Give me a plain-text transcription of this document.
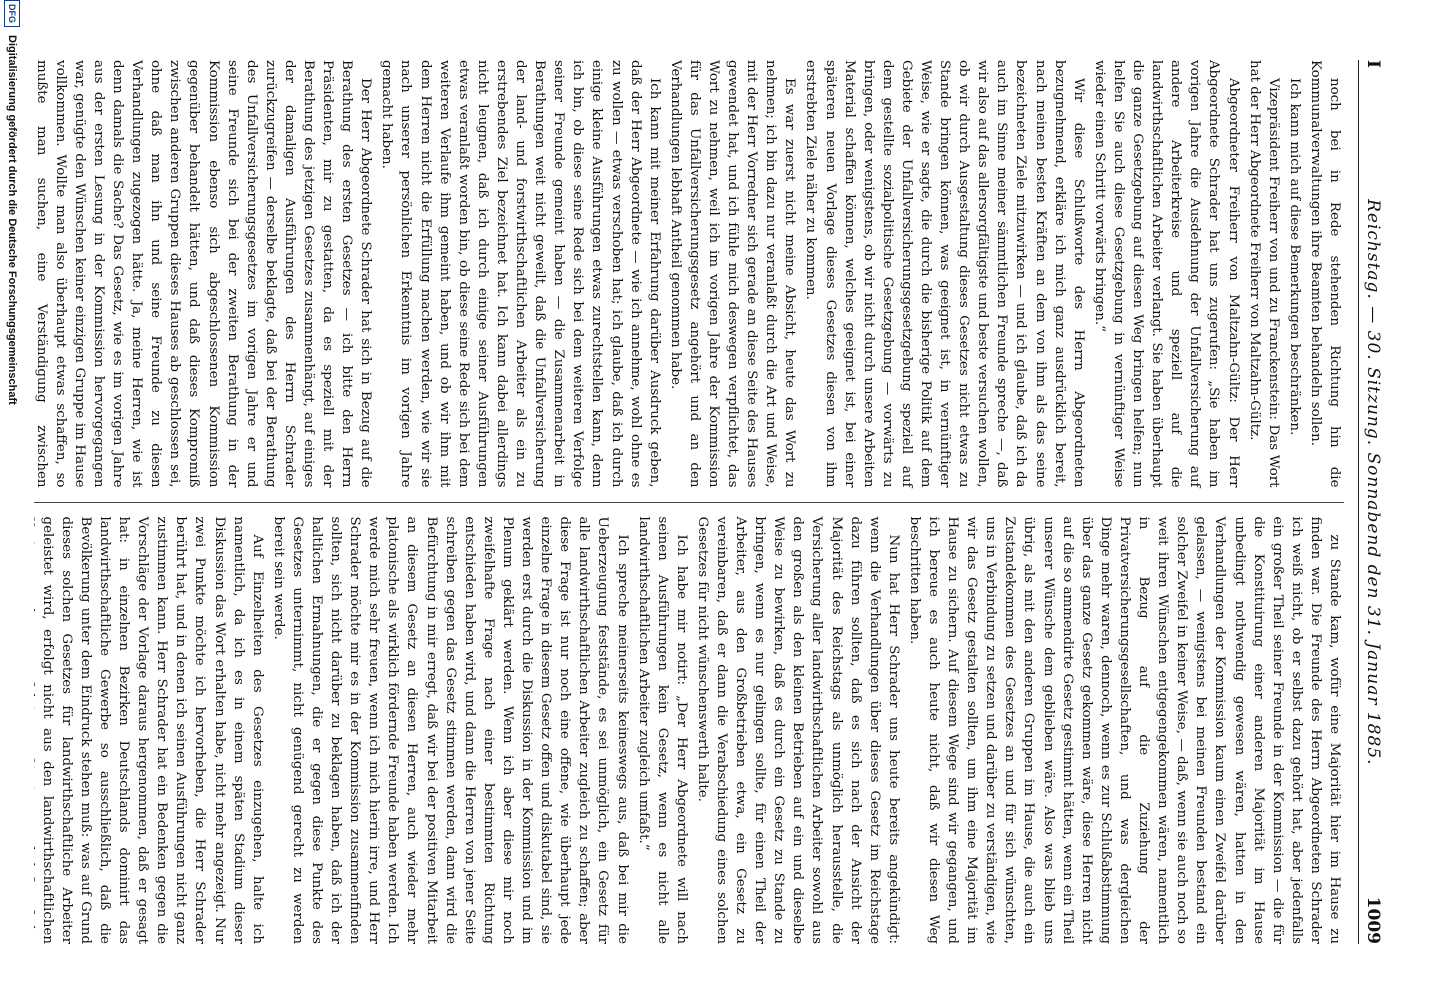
DFG
Digitalisierung gefördert durch die Deutsche Forschungsgemeinschaft	I
Reichstag. — 30. Sitzung. Sonnabend den 31. Januar 1885.
1009

noch bei in Rede stehenden Richtung hin die Kommunalverwaltungen ihre Beamten behandeln sollen.

Ich kann mich auf diese Bemerkungen beschränken.

Vizepräsident Freiherr von und zu Franckenstein: Das Wort hat der Herr Abgeordnete Freiherr von Maltzahn-Gültz.

Abgeordneter Freiherr von Maltzahn-Gültz: Der Herr Abgeordnete Schrader hat uns zugerufen: „Sie haben im vorigen Jahre die Ausdehnung der Unfallversicherung auf andere Arbeiterkreise und speziell auf die landwirthschaftlichen Arbeiter verlangt. Sie haben überhaupt die ganze Gesetzgebung auf diesen Weg bringen helfen; nun helfen Sie auch diese Gesetzgebung in vernünftiger Weise wieder einen Schritt vorwärts bringen.“

Wir diese Schlußworte des Herrn Abgeordneten bezugnehmend, erkläre ich mich ganz ausdrücklich bereit, nach meinen besten Kräften an dem von ihm als das seine bezeichneten Ziele mitzuwirken — und ich glaube, daß ich da auch im Sinne meiner sämmtlichen Freunde spreche —, daß wir also auf das allersorgfältigste und beste versuchen wollen, ob wir durch Ausgestaltung dieses Gesetzes nicht etwas zu Stande bringen können, was geeignet ist, in vernünftiger Weise, wie er sagte, die durch die bisherige Politik auf dem Gebiete der Unfallversicherungsgesetzgebung speziell auf dem gestellte sozialpolitische Gesetzgebung — vorwärts zu bringen, oder wenigstens, ob wir nicht durch unsere Arbeiten Material schaffen können, welches geeignet ist, bei einer späteren neuen Vorlage dieses Gesetzes diesen von ihm erstrebten Ziele näher zu kommen.

Es war zuerst nicht meine Absicht, heute das Wort zu nehmen; ich bin dazu nur veranlaßt durch die Art und Weise, mit der Herr Vorredner sich gerade an diese Seite des Hauses gewendet hat, und ich fühle mich deswegen verpflichtet, das Wort zu nehmen, weil ich im vorigen Jahre der Kommission für das Unfallversicherungsgesetz angehört und an den Verhandlungen lebhaft Antheil genommen habe.

Ich kann mit meiner Erfahrung darüber Ausdruck geben, daß der Herr Abgeordnete — wie ich annehme, wohl ohne es zu wollen — etwas verschoben hat; ich glaube, daß ich durch einige kleine Ausführungen etwas zurechtstellen kann, denn ich bin, ob diese seine Rede sich bei dem weiteren Verfolge seiner Freunde gemeint haben — die Zusammenarbeit in Berathungen weit nicht geweilt, daß die Unfallversicherung der land- und forstwirthschaftlichen Arbeiter als ein zu erstrebendes Ziel bezeichnet hat. Ich kann dabei allerdings nicht leugnen, daß ich durch einige seiner Ausführungen etwas veranlaßt worden bin, ob diese seine Rede sich bei dem weiteren Verlaufe ihm gemeint haben, und ob wir ihm mit dem Herren nicht die Erfüllung machen werden, wie wir sie nach unserer persönlichen Erkenntnis im vorigen Jahre gemacht haben.

Der Herr Abgeordnete Schrader hat sich in Bezug auf die Berathung des ersten Gesetzes — ich bitte den Herrn Präsidenten, mir zu gestatten, da es speziell mit der Berathung des jetzigen Gesetzes zusammenhängt, auf einiges der damaligen Ausführungen des Herrn Schrader zurückzugreifen — derselbe beklagte, daß bei der Berathung des Unfallversicherungsgesetzes im vorigen Jahre er und seine Freunde sich bei der zweiten Berathung in der Kommission ebenso sich abgeschlossenen Kommission gegenüber behandelt hätten, und daß dieses Kompromiß zwischen anderen Gruppen dieses Hauses ab geschlossen sei, ohne daß man ihn und seine Freunde zu diesen Verhandlungen zugezogen hätte. Ja, meine Herren, wie ist denn damals die Sache? Das Gesetz, wie es im vorigen Jahre aus der ersten Lesung in der Kommission hervorgegangen war, genügte den Wünschen keiner einzigen Gruppe im Hause vollkommen. Wollte man also überhaupt etwas schaffen, so mußte man suchen, eine Verständigung zwischen

zu Stande kam, wofür eine Majorität hier im Hause zu finden war. Die Freunde des Herrn Abgeordneten Schrader ich weiß nicht, ob er selbst dazu gehört hat, aber jedenfalls ein großer Theil seiner Freunde in der Kommission — die für die Konstituirung einer anderen Majorität im Hause unbedingt nothwendig gewesen wären, hatten in den Verhandlungen der Kommission kaum einen Zweifel darüber gelassen, — wenigstens bei meinen Freunden bestand ein solcher Zweifel in keiner Weise, — daß, wenn sie auch noch so weit ihren Wünschen entgegengekommen wären, namentlich in Bezug auf die Zuziehung der Privatversicherungsgesellschaften, und was dergleichen Dinge mehr waren, dennoch, wenn es zur Schlußabstimmung über das ganze Gesetz gekommen wäre, diese Herren nicht auf die so ammendirte Gesetz gestimmt hätten, wenn ein Theil unserer Wünsche dem geblieben wäre. Also was blieb uns übrig, als mit den anderen Gruppen im Hause, die auch ein Zustandekommen des Gesetzes an und für sich wünschten, uns in Verbindung zu setzen und darüber zu verständigen, wie wir das Gesetz gestalten sollten, um ihm eine Majorität im Hause zu sichern. Auf diesem Wege sind wir gegangen, und ich bereue es auch heute nicht, daß wir diesen Weg beschritten haben.

Nun hat Herr Schrader uns heute bereits angekündigt: wenn die Verhandlungen über dieses Gesetz im Reichstage dazu führen sollten, daß es sich nach der Ansicht der Majorität des Reichstags als unmöglich herausstelle, die Versicherung aller landwirthschaftlichen Arbeiter sowohl aus den großen als den kleinen Betrieben auf ein und dieselbe Weise zu bewirken, daß es durch ein Gesetz zu Stande zu bringen, wenn es nur gelingen sollte, für einen Theil der Arbeiter, aus den Großbetrieben etwa, ein Gesetz zu vereinbaren, daß er dann die Verabschiedung eines solchen Gesetzes für nicht wünschenswerth halte.

Ich habe mir notirt: „Der Herr Abgeordnete will nach seinen Ausführungen kein Gesetz, wenn es nicht alle landwirthschaftlichen Arbeiter zugleich umfaßt.“

Ich spreche meinerseits keineswegs aus, daß bei mir die Ueberzeugung feststände, es sei unmöglich, ein Gesetz für alle landwirthschaftlichen Arbeiter zugleich zu schaffen; aber diese Frage ist nur noch eine offene, wie überhaupt jede einzelne Frage in diesem Gesetz offen und diskutabel sind, sie werden erst durch die Diskussion in der Kommission und im Plenum geklärt werden. Wenn ich aber diese mir noch zweifelhafte Frage nach einer bestimmten Richtung entschieden haben wird, und dann die Herren von jener Seite schreiben gegen das Gesetz stimmen werden, dann wird die Befürchtung in mir erregt, daß wir bei der positiven Mitarbeit an diesem Gesetz an diesen Herren, auch wieder mehr platonische als wirklich fördernde Freunde haben werden. Ich werde mich sehr freuen, wenn ich mich hierin irre, und Herr Schrader möchte mir es in der Kommission zusammenfinden sollten, sich nicht darüber zu beklagen haben, daß ich der haltlichen Ermahnungen, die er gegen diese Punkte des Gesetzes unternimmt, nicht genügend gerecht zu werden bereit sein werde.

Auf Einzelheiten des Gesetzes einzugehen, halte ich namentlich, da ich es in einem späten Stadium dieser Diskussion das Wort erhalten habe, nicht mehr angezeigt. Nur zwei Punkte möchte ich hervorheben, die Herr Schrader berührt hat, und in denen ich seinen Ausführungen nicht ganz zustimmen kann. Herr Schrader hat ein Bedenken gegen die Vorschläge der Vorlage daraus hergenommen, daß er gesagt hat: in einzelnen Bezirken Deutschlands dominirt das landwirthschaftliche Gewerbe so ausschließlich, daß die Bevölkerung unter dem Eindruck stehen muß: was auf Grund dieses solchen Gesetzes für landwirthschaftliche Arbeiter geleistet wird, erfolgt nicht aus den landwirthschaftlichen
